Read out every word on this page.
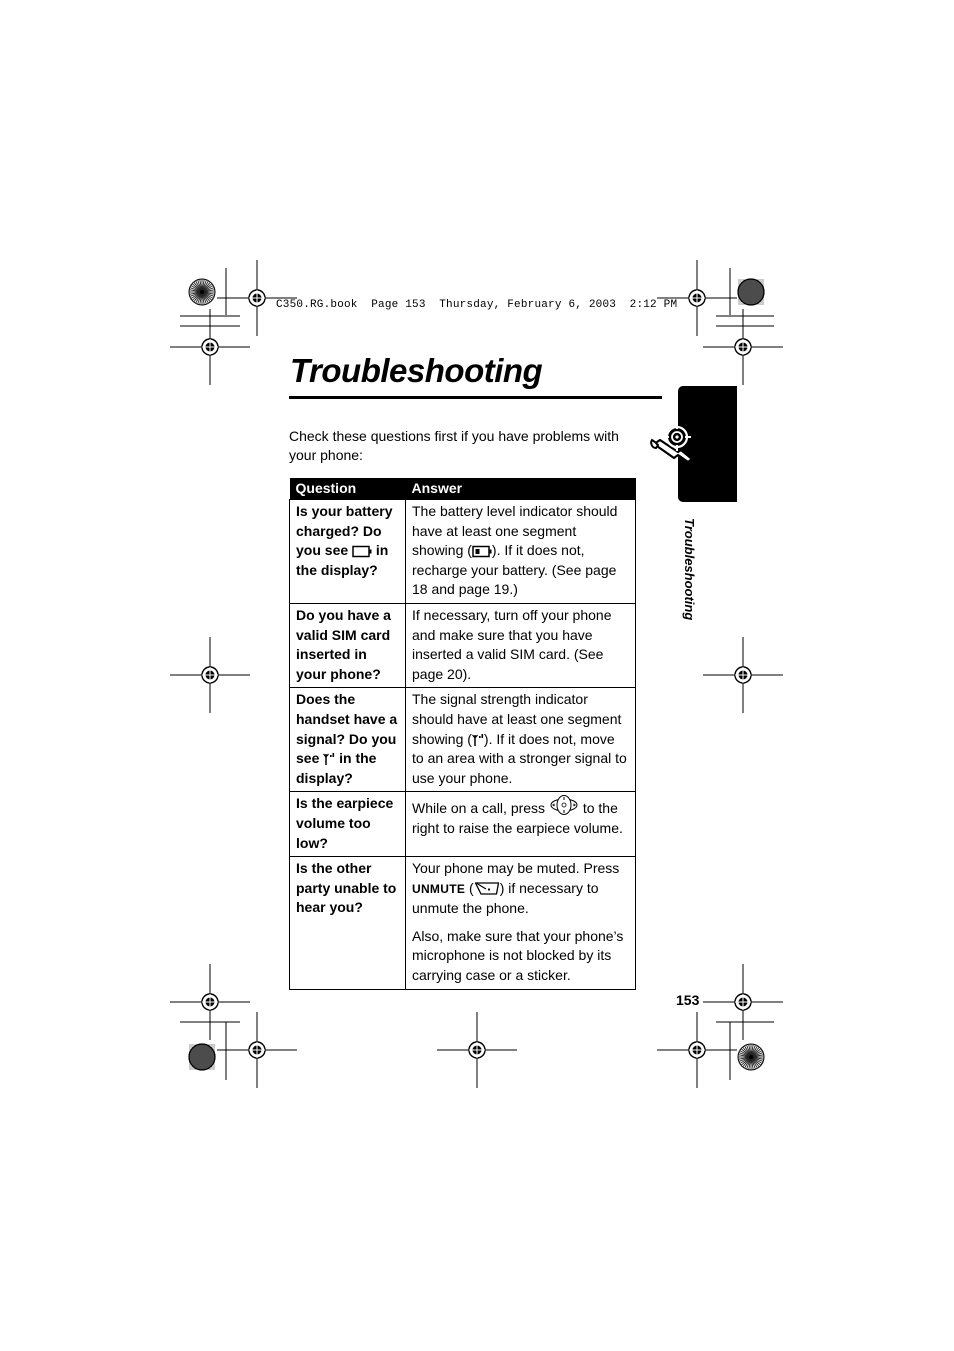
C350.RG.book  Page 153  Thursday, February 6, 2003  2:12 PM
Troubleshooting
Check these questions first if you have problems with your phone:
Troubleshooting
Question	Answer
Is your battery charged? Do you see  in the display?	The battery level indicator should have at least one segment showing ( ). If it does not, recharge your battery. (See page 18 and page 19.)
Do you have a valid SIM card inserted in your phone?	If necessary, turn off your phone and make sure that you have inserted a valid SIM card. (See page 20).
Does the handset have a signal? Do you see  in the display?	The signal strength indicator should have at least one segment showing ( ). If it does not, move to an area with a stronger signal to use your phone.
Is the earpiece volume too low?	While on a call, press  to the right to raise the earpiece volume.
Is the other party unable to hear you?	Your phone may be muted. Press UNMUTE ( ) if necessary to unmute the phone.

Also, make sure that your phone’s microphone is not blocked by its carrying case or a sticker.

153
